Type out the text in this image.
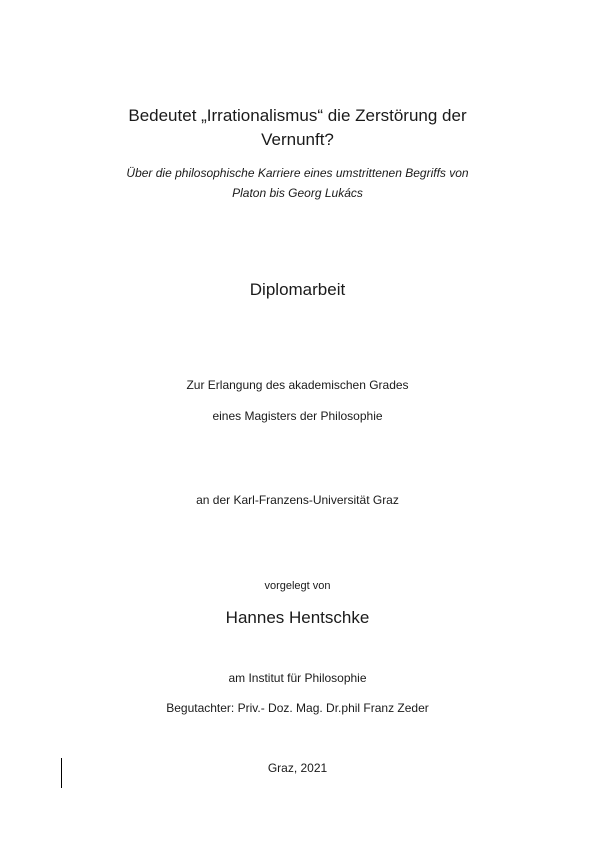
Bedeutet „Irrationalismus“ die Zerstörung der
Vernunft?
Über die philosophische Karriere eines umstrittenen Begriffs von
Platon bis Georg Lukács
Diplomarbeit
Zur Erlangung des akademischen Grades
eines Magisters der Philosophie
an der Karl-Franzens-Universität Graz
vorgelegt von
Hannes Hentschke
am Institut für Philosophie
Begutachter: Priv.- Doz. Mag. Dr.phil Franz Zeder
Graz, 2021
